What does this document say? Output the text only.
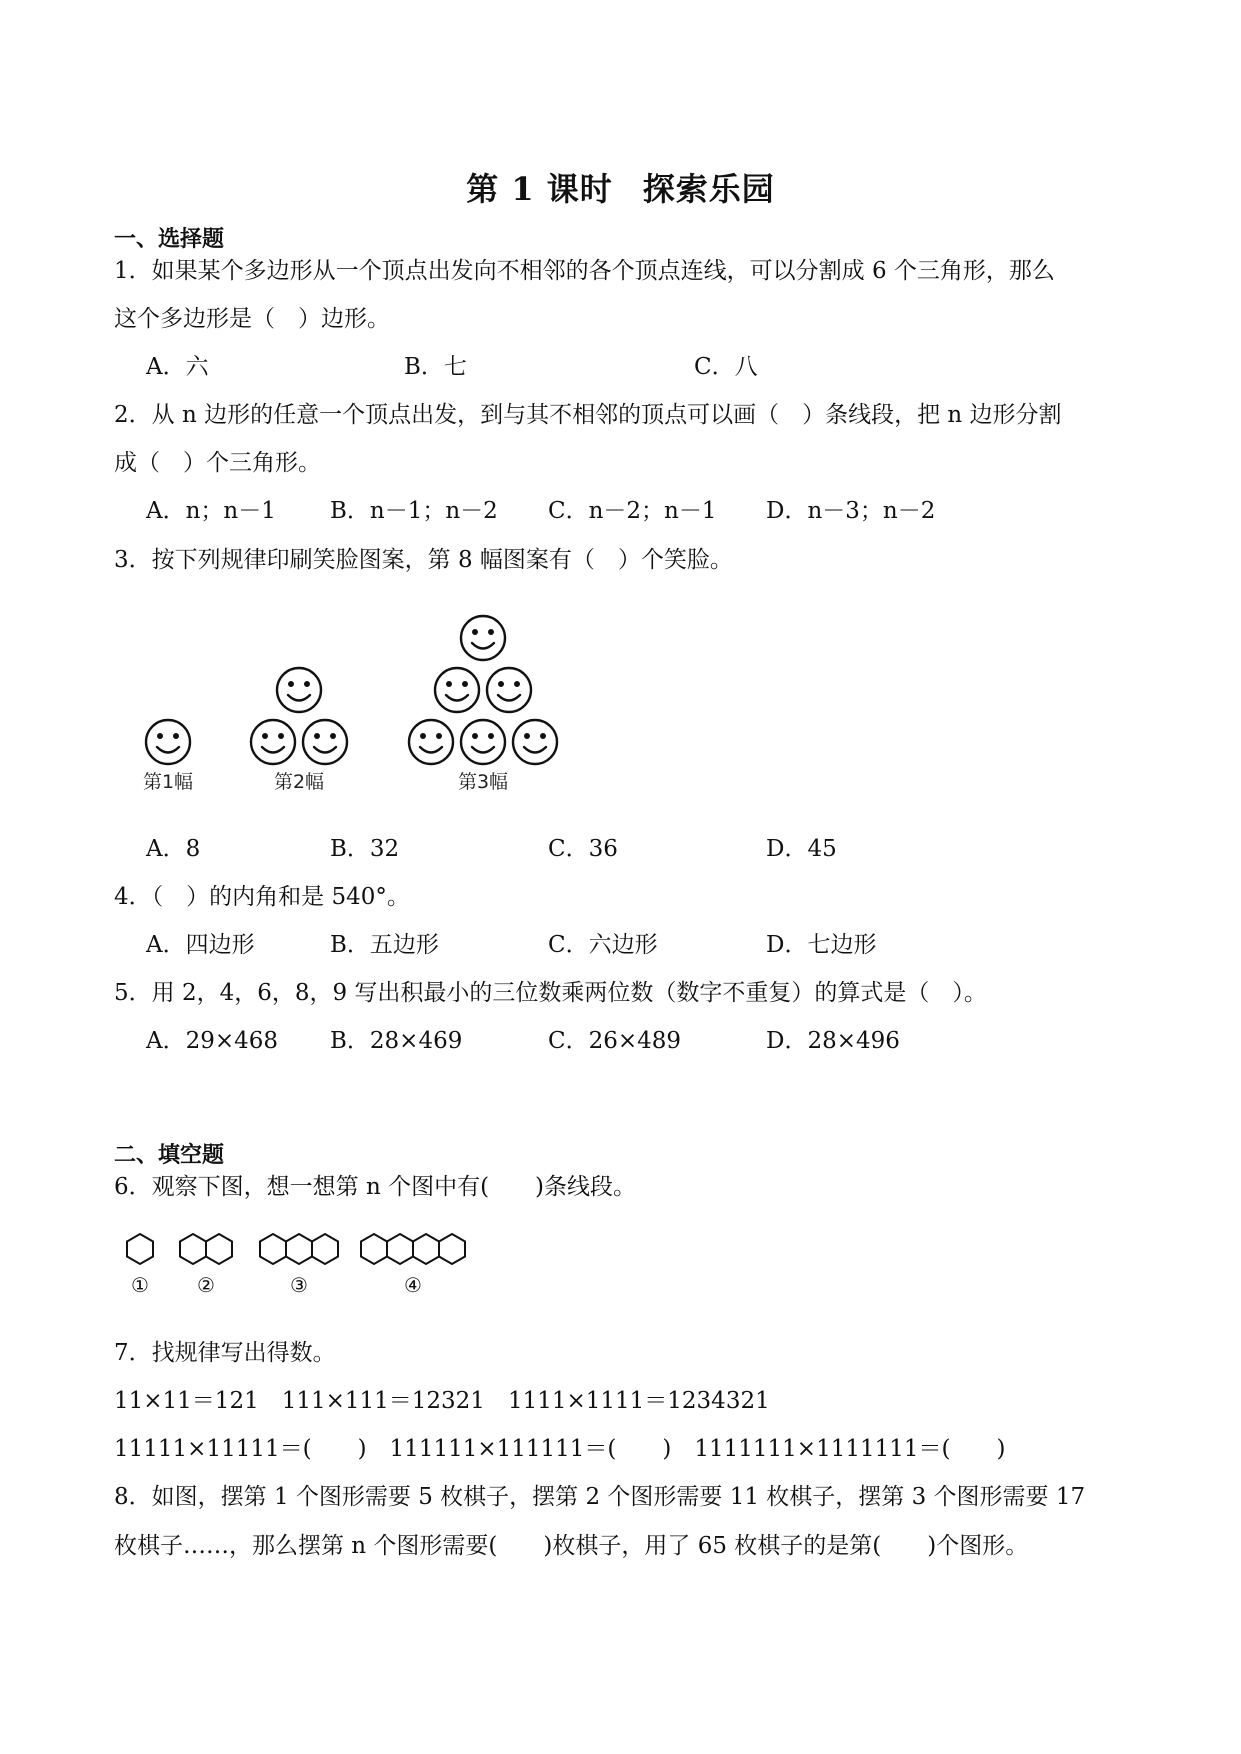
第 1 课时 探索乐园
一、选择题
1．如果某个多边形从一个顶点出发向不相邻的各个顶点连线，可以分割成 6 个三角形，那么
这个多边形是（　）边形。
A．六	B．七	C．八
2．从 n 边形的任意一个顶点出发，到与其不相邻的顶点可以画（　）条线段，把 n 边形分割
成（　）个三角形。
A．n；n－1 B．n－1；n－2 C．n－2；n－1 D．n－3；n－2
3．按下列规律印刷笑脸图案，第 8 幅图案有（　）个笑脸。
第1幅	第2幅	第3幅
A．8	B．32	C．36	D．45
4．（　）的内角和是 540°。
A．四边形	B．五边形	C．六边形	D．七边形
5．用 2，4，6，8，9 写出积最小的三位数乘两位数（数字不重复）的算式是（　）。
A．29×468 B．28×469	C．26×489	D．28×496
二、填空题
6．观察下图，想一想第 n 个图中有(　　)条线段。
① ②	③	④
7．找规律写出得数。
11×11＝121　111×111＝12321　1111×1111＝1234321
11111×11111＝(　　)　111111×111111＝(　　)　1111111×1111111＝(　　)
8．如图，摆第 1 个图形需要 5 枚棋子，摆第 2 个图形需要 11 枚棋子，摆第 3 个图形需要 17
枚棋子……，那么摆第 n 个图形需要(　　)枚棋子，用了 65 枚棋子的是第(　　)个图形。
